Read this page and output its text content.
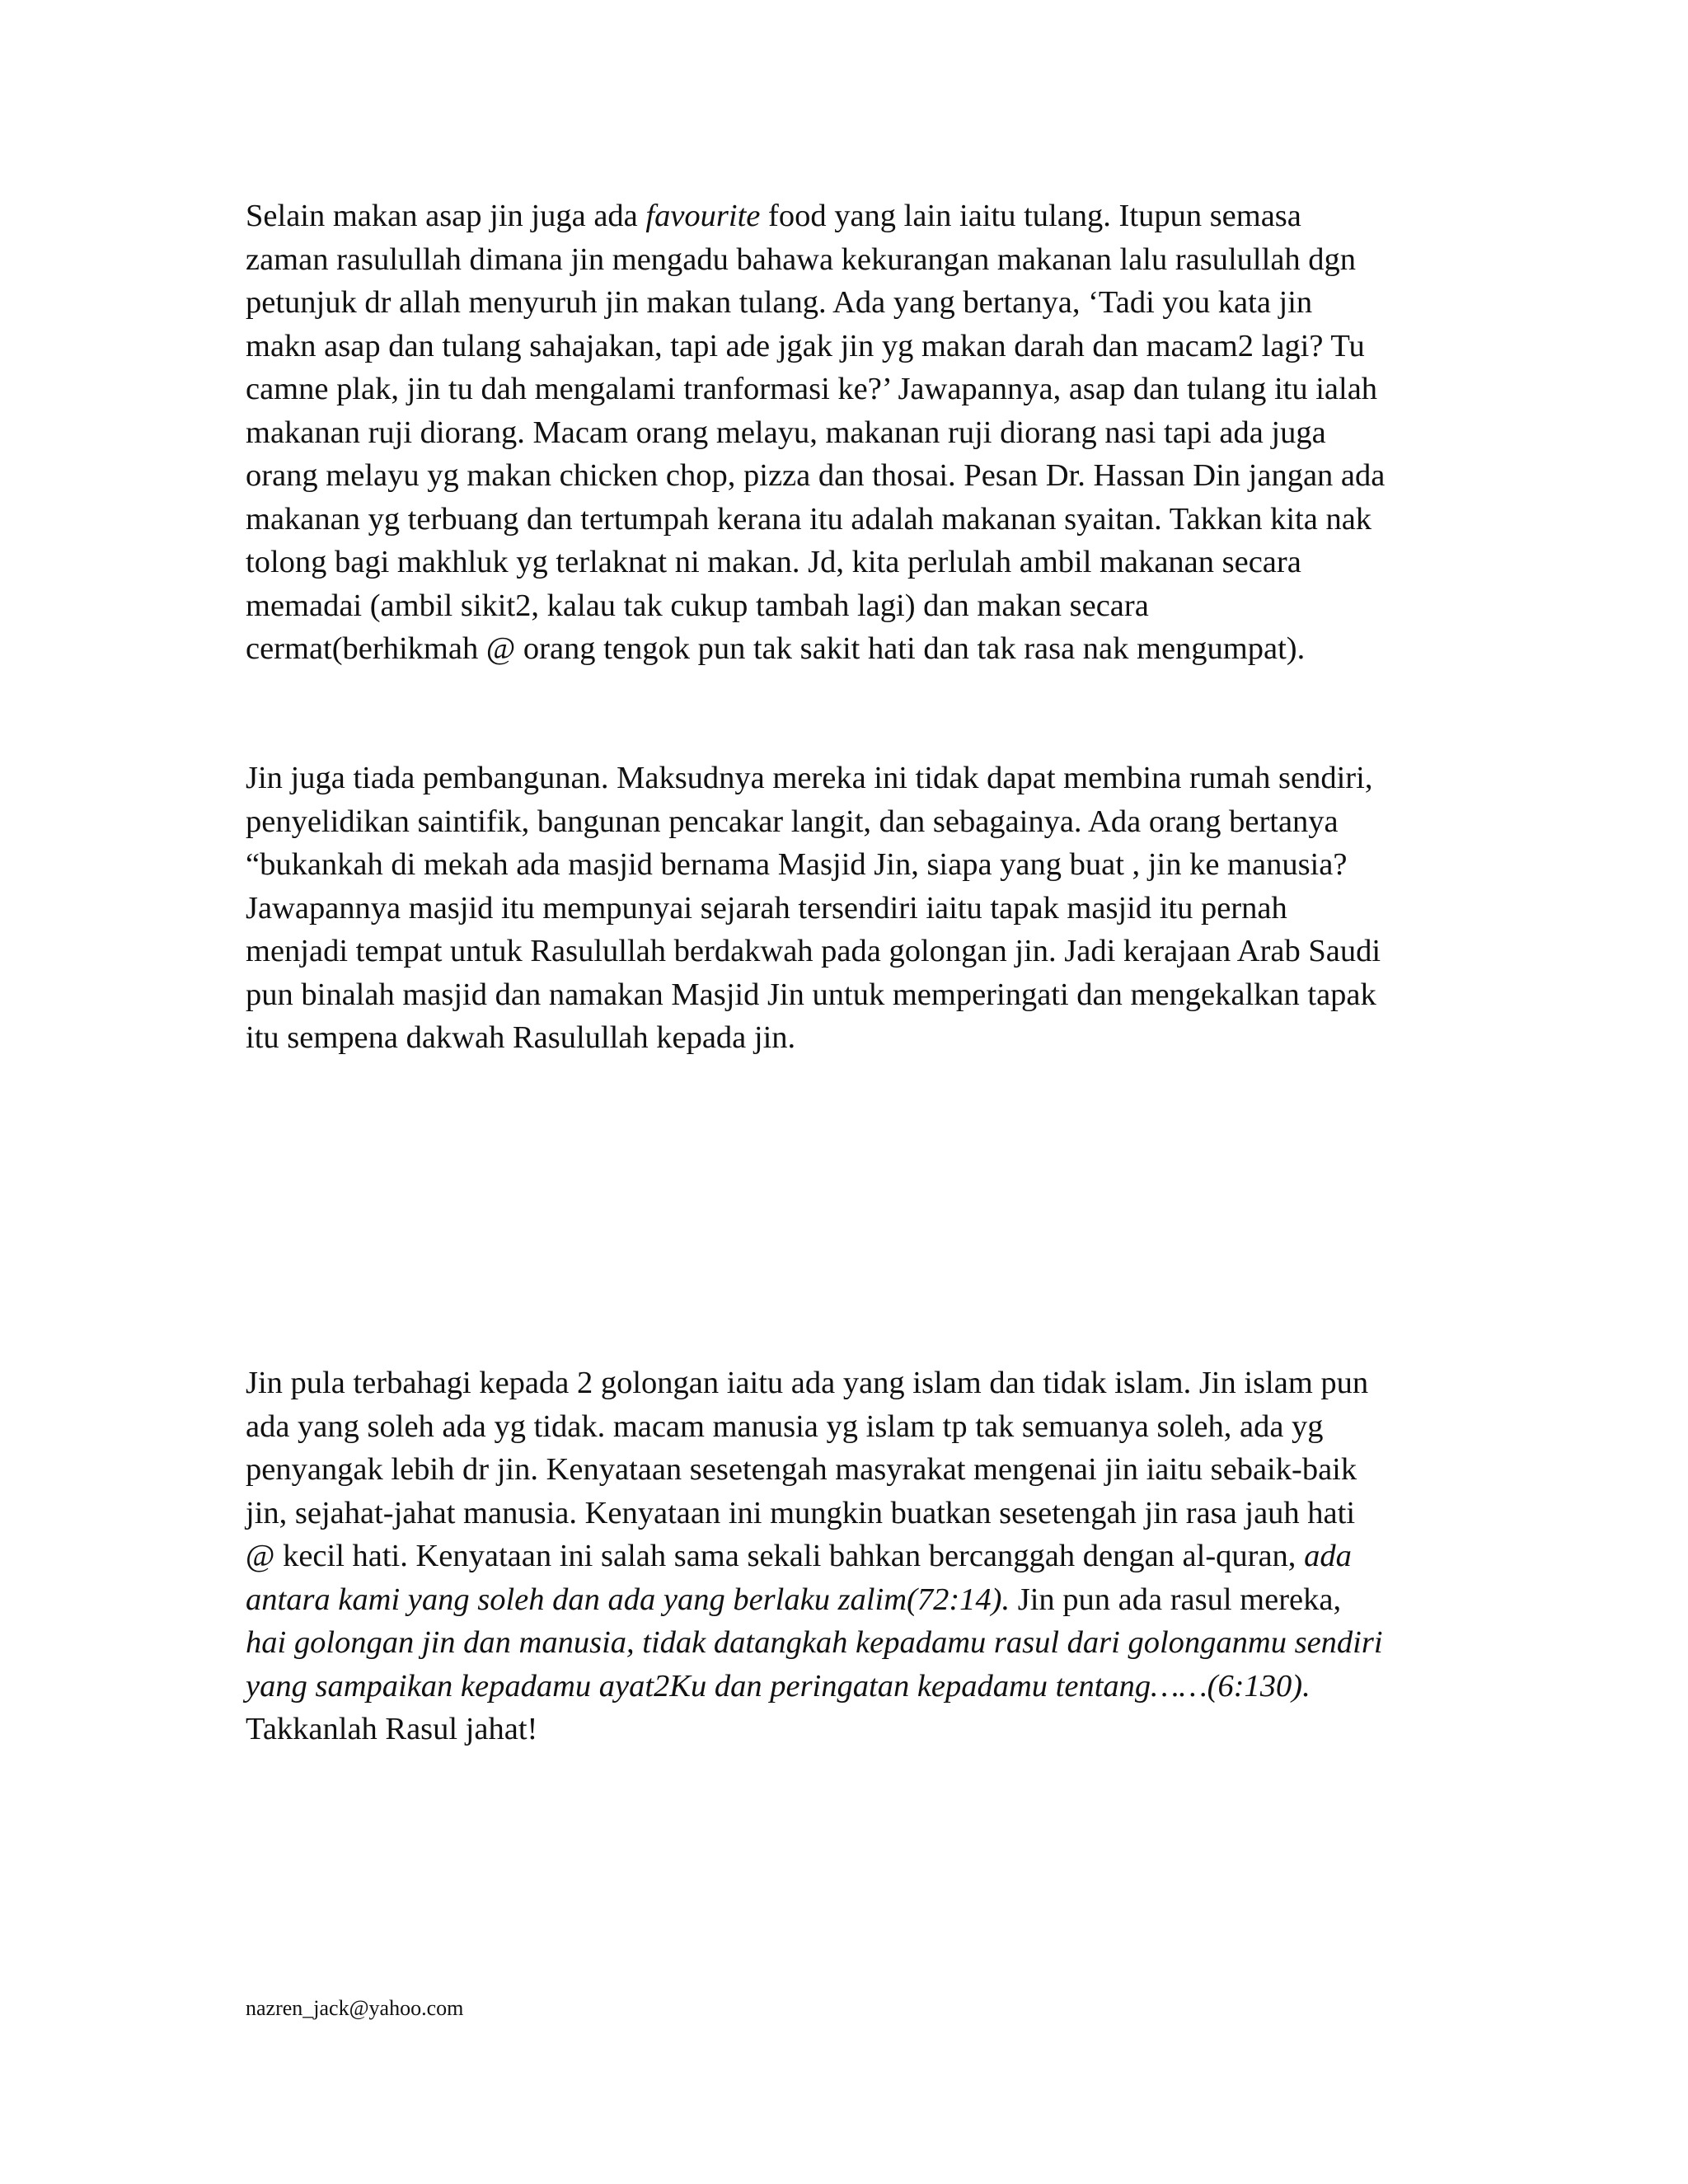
Selain makan asap jin juga ada favourite food yang lain iaitu tulang. Itupun semasa
zaman rasulullah dimana jin mengadu bahawa kekurangan makanan lalu rasulullah dgn
petunjuk dr allah menyuruh jin makan tulang. Ada yang bertanya, ‘Tadi you kata jin
makn asap dan tulang sahajakan, tapi ade jgak jin yg makan darah dan macam2 lagi? Tu
camne plak, jin tu dah mengalami tranformasi ke?’ Jawapannya, asap dan tulang itu ialah
makanan ruji diorang. Macam orang melayu, makanan ruji diorang nasi tapi ada juga
orang melayu yg makan chicken chop, pizza dan thosai. Pesan Dr. Hassan Din jangan ada
makanan yg terbuang dan tertumpah kerana itu adalah makanan syaitan. Takkan kita nak
tolong bagi makhluk yg terlaknat ni makan. Jd, kita perlulah ambil makanan secara
memadai (ambil sikit2, kalau tak cukup tambah lagi) dan makan secara
cermat(berhikmah @ orang tengok pun tak sakit hati dan tak rasa nak mengumpat).
Jin juga tiada pembangunan. Maksudnya mereka ini tidak dapat membina rumah sendiri,
penyelidikan saintifik, bangunan pencakar langit, dan sebagainya. Ada orang bertanya
“bukankah di mekah ada masjid bernama Masjid Jin, siapa yang buat , jin ke manusia?
Jawapannya masjid itu mempunyai sejarah tersendiri iaitu tapak masjid itu pernah
menjadi tempat untuk Rasulullah berdakwah pada golongan jin. Jadi kerajaan Arab Saudi
pun binalah masjid dan namakan Masjid Jin untuk memperingati dan mengekalkan tapak
itu sempena dakwah Rasulullah kepada jin.
Jin pula terbahagi kepada 2 golongan iaitu ada yang islam dan tidak islam. Jin islam pun
ada yang soleh ada yg tidak. macam manusia yg islam tp tak semuanya soleh, ada yg
penyangak lebih dr jin. Kenyataan sesetengah masyrakat mengenai jin iaitu sebaik-baik
jin, sejahat-jahat manusia. Kenyataan ini mungkin buatkan sesetengah jin rasa jauh hati
@ kecil hati. Kenyataan ini salah sama sekali bahkan bercanggah dengan al-quran, ada
antara kami yang soleh dan ada yang berlaku zalim(72:14). Jin pun ada rasul mereka,
hai golongan jin dan manusia, tidak datangkah kepadamu rasul dari golonganmu sendiri
yang sampaikan kepadamu ayat2Ku dan peringatan kepadamu tentang……(6:130).
Takkanlah Rasul jahat!
nazren_jack@yahoo.com
